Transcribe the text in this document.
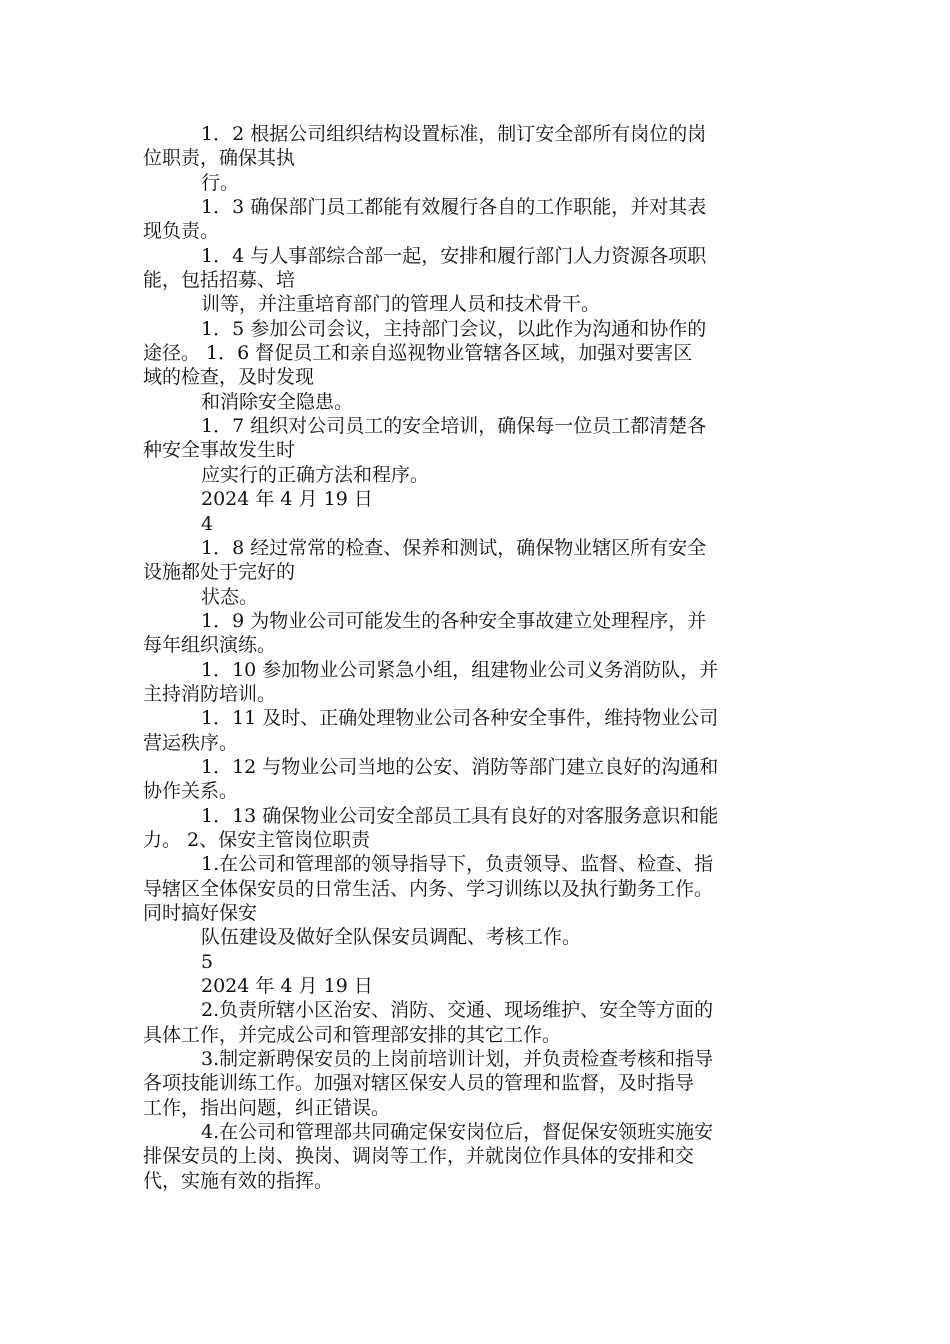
1．2 根据公司组织结构设置标准，制订安全部所有岗位的岗
位职责，确保其执
行。
1．3 确保部门员工都能有效履行各自的工作职能，并对其表
现负责。
1．4 与人事部综合部一起，安排和履行部门人力资源各项职
能，包括招募、培
训等，并注重培育部门的管理人员和技术骨干。
1．5 参加公司会议，主持部门会议，以此作为沟通和协作的
途径。 1．6 督促员工和亲自巡视物业管辖各区域，加强对要害区
域的检查，及时发现
和消除安全隐患。
1．7 组织对公司员工的安全培训，确保每一位员工都清楚各
种安全事故发生时
应实行的正确方法和程序。
2024 年 4 月 19 日
4
1．8 经过常常的检查、保养和测试，确保物业辖区所有安全
设施都处于完好的
状态。
1．9 为物业公司可能发生的各种安全事故建立处理程序，并
每年组织演练。
1．10 参加物业公司紧急小组，组建物业公司义务消防队，并
主持消防培训。
1．11 及时、正确处理物业公司各种安全事件，维持物业公司
营运秩序。
1．12 与物业公司当地的公安、消防等部门建立良好的沟通和
协作关系。
1．13 确保物业公司安全部员工具有良好的对客服务意识和能
力。 2、保安主管岗位职责
1.在公司和管理部的领导指导下，负责领导、监督、检查、指
导辖区全体保安员的日常生活、内务、学习训练以及执行勤务工作。
同时搞好保安
队伍建设及做好全队保安员调配、考核工作。
5
2024 年 4 月 19 日
2.负责所辖小区治安、消防、交通、现场维护、安全等方面的
具体工作，并完成公司和管理部安排的其它工作。
3.制定新聘保安员的上岗前培训计划，并负责检查考核和指导
各项技能训练工作。加强对辖区保安人员的管理和监督，及时指导
工作，指出问题，纠正错误。
4.在公司和管理部共同确定保安岗位后，督促保安领班实施安
排保安员的上岗、换岗、调岗等工作，并就岗位作具体的安排和交
代，实施有效的指挥。
